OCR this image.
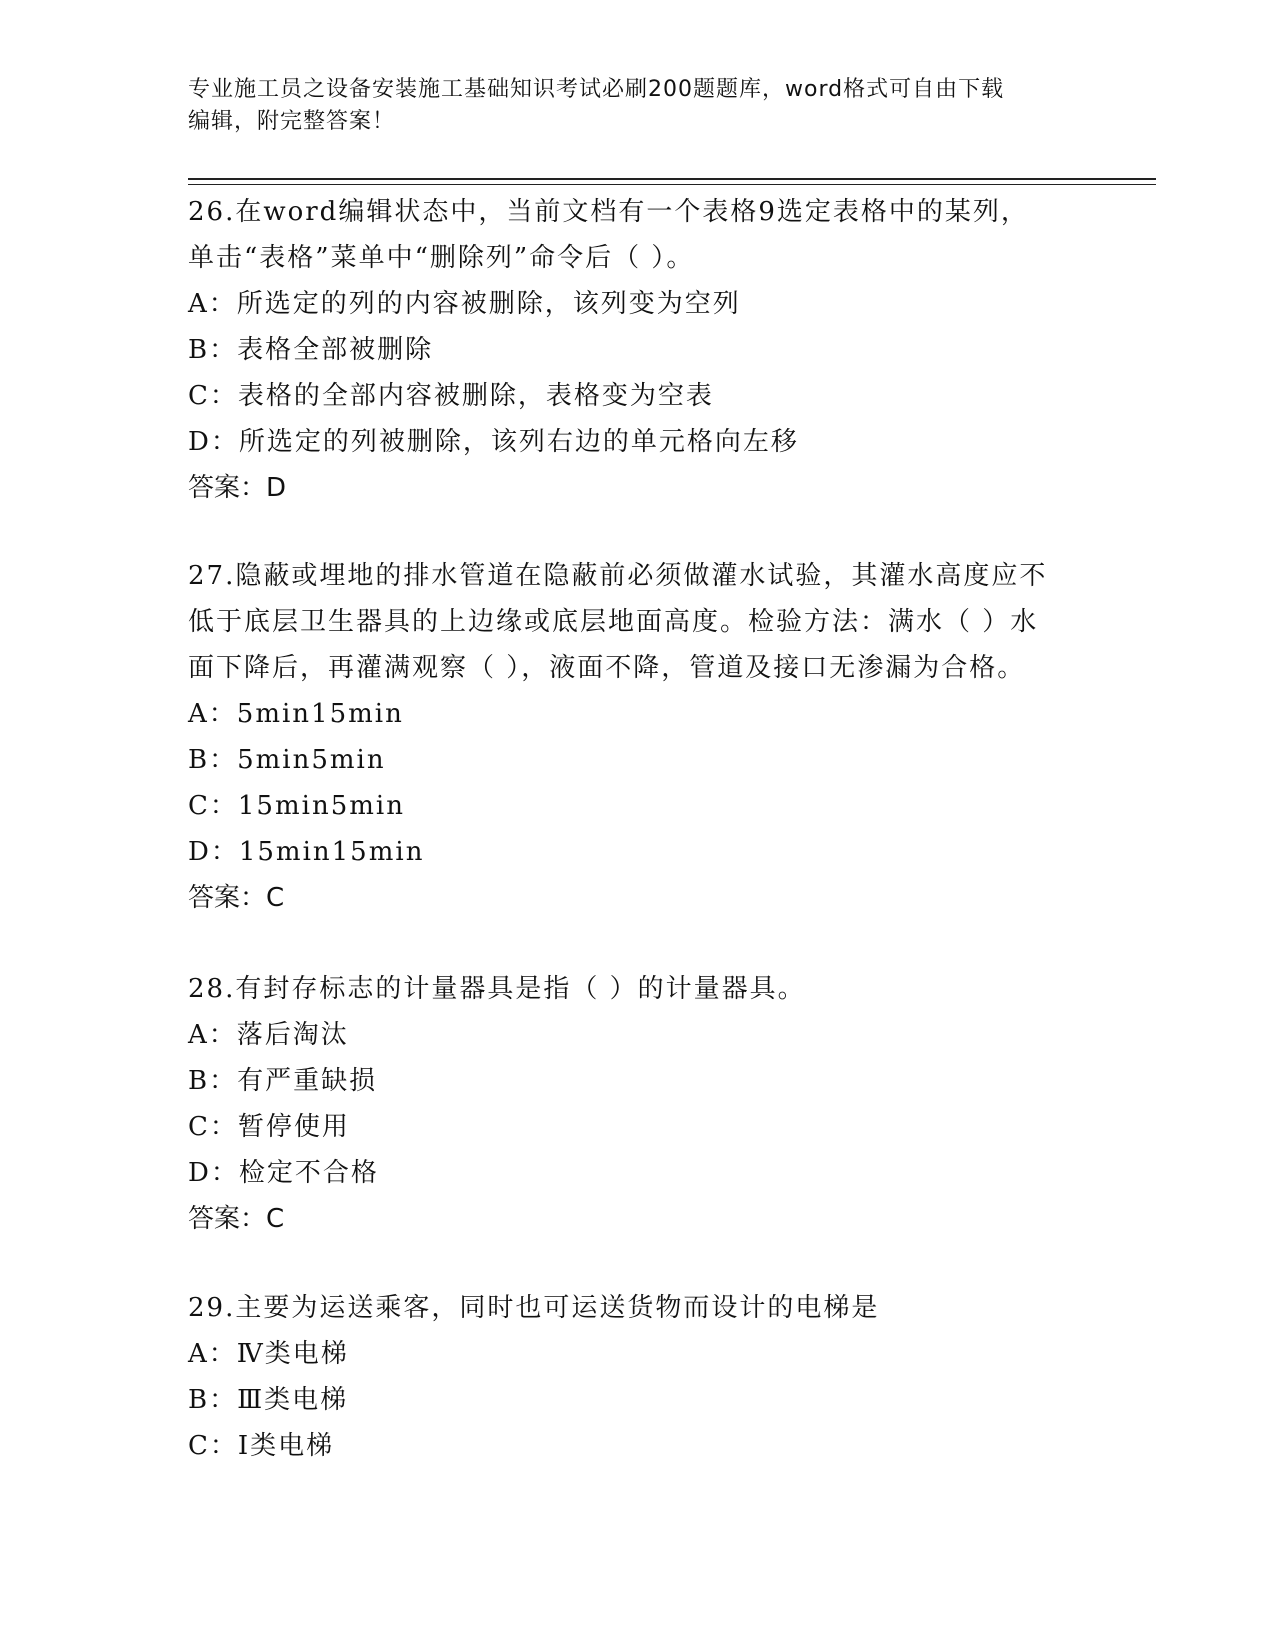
专业施工员之设备安装施工基础知识考试必刷200题题库，word格式可自由下载
编辑，附完整答案！

26.在word编辑状态中，当前文档有一个表格9选定表格中的某列，

单击“表格”菜单中“删除列”命令后（ ）。

A：所选定的列的内容被删除，该列变为空列

B：表格全部被删除

C：表格的全部内容被删除，表格变为空表

D：所选定的列被删除，该列右边的单元格向左移

答案：D

27.隐蔽或埋地的排水管道在隐蔽前必须做灌水试验，其灌水高度应不

低于底层卫生器具的上边缘或底层地面高度。检验方法：满水（ ）水

面下降后，再灌满观察（ ），液面不降，管道及接口无渗漏为合格。

A：5min15min

B：5min5min

C：15min5min

D：15min15min

答案：C

28.有封存标志的计量器具是指（ ）的计量器具。

A：落后淘汰

B：有严重缺损

C：暂停使用

D：检定不合格

答案：C

29.主要为运送乘客，同时也可运送货物而设计的电梯是

A：Ⅳ类电梯

B：Ⅲ类电梯

C：Ⅰ类电梯
